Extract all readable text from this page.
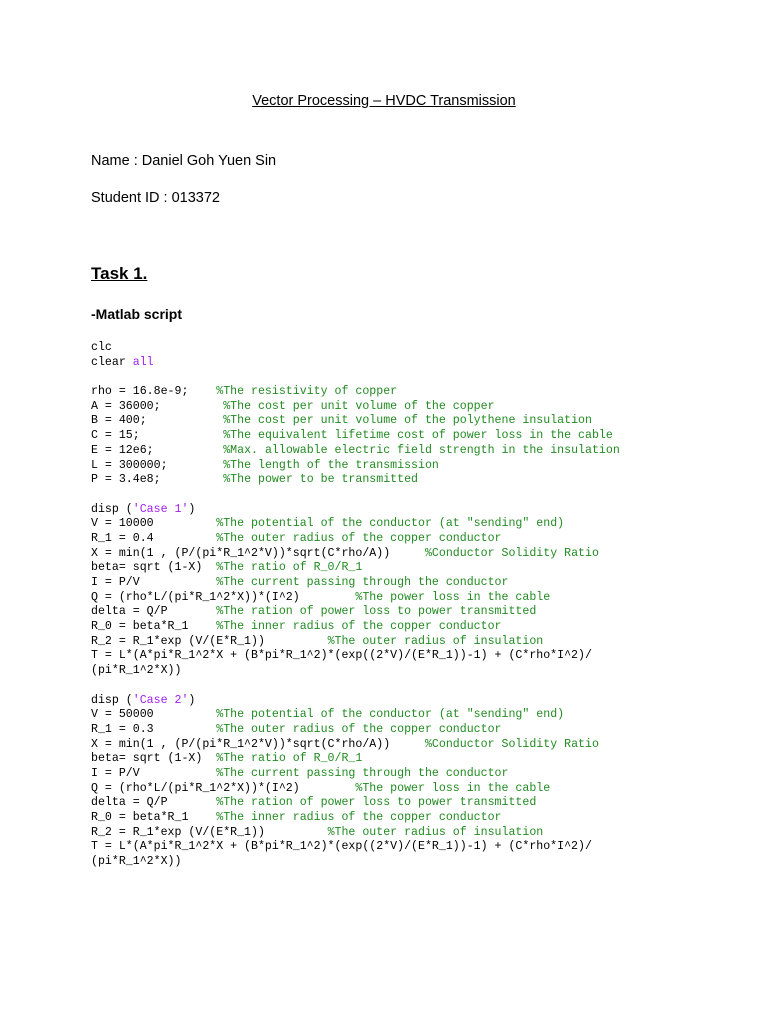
Vector Processing – HVDC Transmission
Name : Daniel Goh Yuen Sin
Student ID : 013372
Task 1.
-Matlab script
clc
clear all
rho = 16.8e-9;    %The resistivity of copper
A = 36000;         %The cost per unit volume of the copper
B = 400;           %The cost per unit volume of the polythene insulation
C = 15;            %The equivalent lifetime cost of power loss in the cable
E = 12e6;          %Max. allowable electric field strength in the insulation
L = 300000;        %The length of the transmission
P = 3.4e8;         %The power to be transmitted
disp ('Case 1')
V = 10000         %The potential of the conductor (at "sending" end)
R_1 = 0.4         %The outer radius of the copper conductor
X = min(1 , (P/(pi*R_1^2*V))*sqrt(C*rho/A))     %Conductor Solidity Ratio
beta= sqrt (1-X)  %The ratio of R_0/R_1
I = P/V           %The current passing through the conductor
Q = (rho*L/(pi*R_1^2*X))*(I^2)        %The power loss in the cable
delta = Q/P       %The ration of power loss to power transmitted
R_0 = beta*R_1    %The inner radius of the copper conductor
R_2 = R_1*exp (V/(E*R_1))         %The outer radius of insulation
T = L*(A*pi*R_1^2*X + (B*pi*R_1^2)*(exp((2*V)/(E*R_1))-1) + (C*rho*I^2)/
(pi*R_1^2*X))
disp ('Case 2')
V = 50000         %The potential of the conductor (at "sending" end)
R_1 = 0.3         %The outer radius of the copper conductor
X = min(1 , (P/(pi*R_1^2*V))*sqrt(C*rho/A))     %Conductor Solidity Ratio
beta= sqrt (1-X)  %The ratio of R_0/R_1
I = P/V           %The current passing through the conductor
Q = (rho*L/(pi*R_1^2*X))*(I^2)        %The power loss in the cable
delta = Q/P       %The ration of power loss to power transmitted
R_0 = beta*R_1    %The inner radius of the copper conductor
R_2 = R_1*exp (V/(E*R_1))         %The outer radius of insulation
T = L*(A*pi*R_1^2*X + (B*pi*R_1^2)*(exp((2*V)/(E*R_1))-1) + (C*rho*I^2)/
(pi*R_1^2*X))
